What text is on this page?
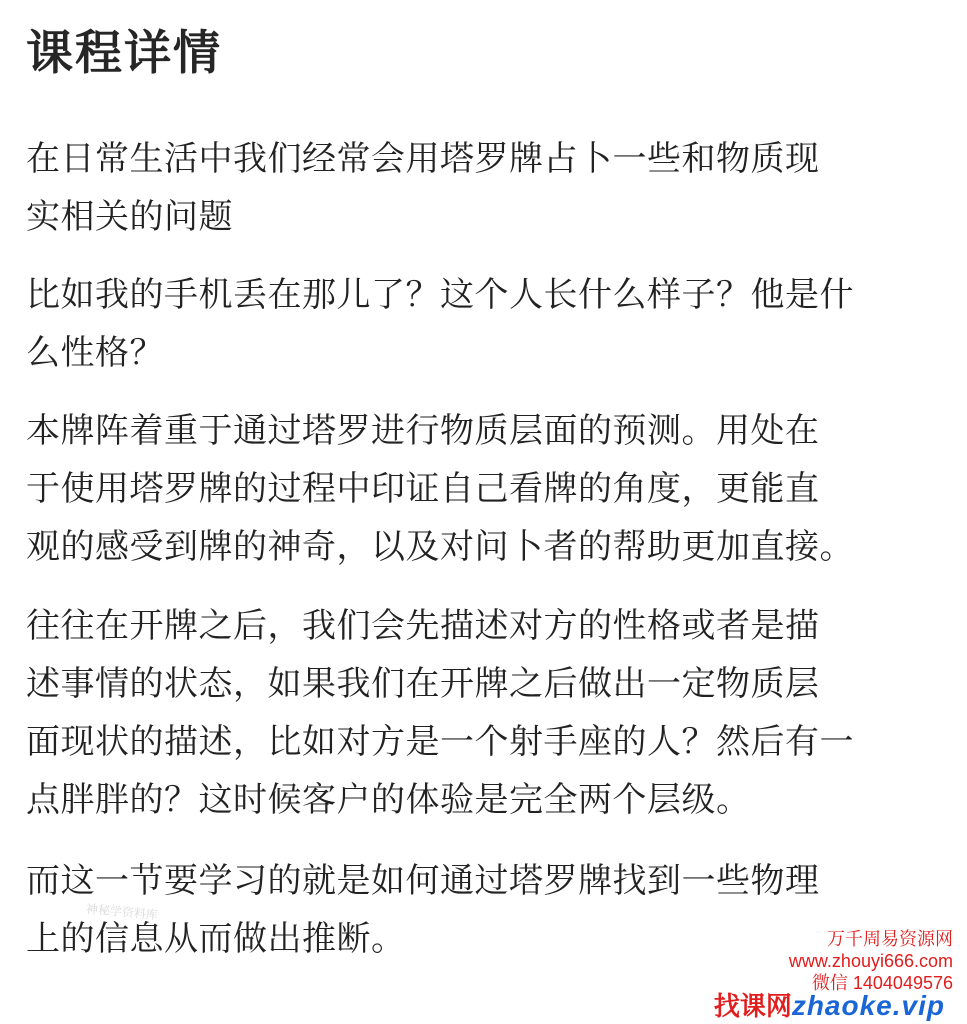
课程详情

在日常生活中我们经常会用塔罗牌占卜一些和物质现
实相关的问题

比如我的手机丢在那儿了？这个人长什么样子？他是什
么性格？

本牌阵着重于通过塔罗进行物质层面的预测。用处在
于使用塔罗牌的过程中印证自己看牌的角度，更能直
观的感受到牌的神奇，以及对问卜者的帮助更加直接。

往往在开牌之后，我们会先描述对方的性格或者是描
述事情的状态，如果我们在开牌之后做出一定物质层
面现状的描述，比如对方是一个射手座的人？然后有一
点胖胖的？这时候客户的体验是完全两个层级。

而这一节要学习的就是如何通过塔罗牌找到一些物理
上的信息从而做出推断。

神秘学资料库
万千周易资源网
www.zhouyi666.com
微信 1404049576
找课网zhaoke.vip
